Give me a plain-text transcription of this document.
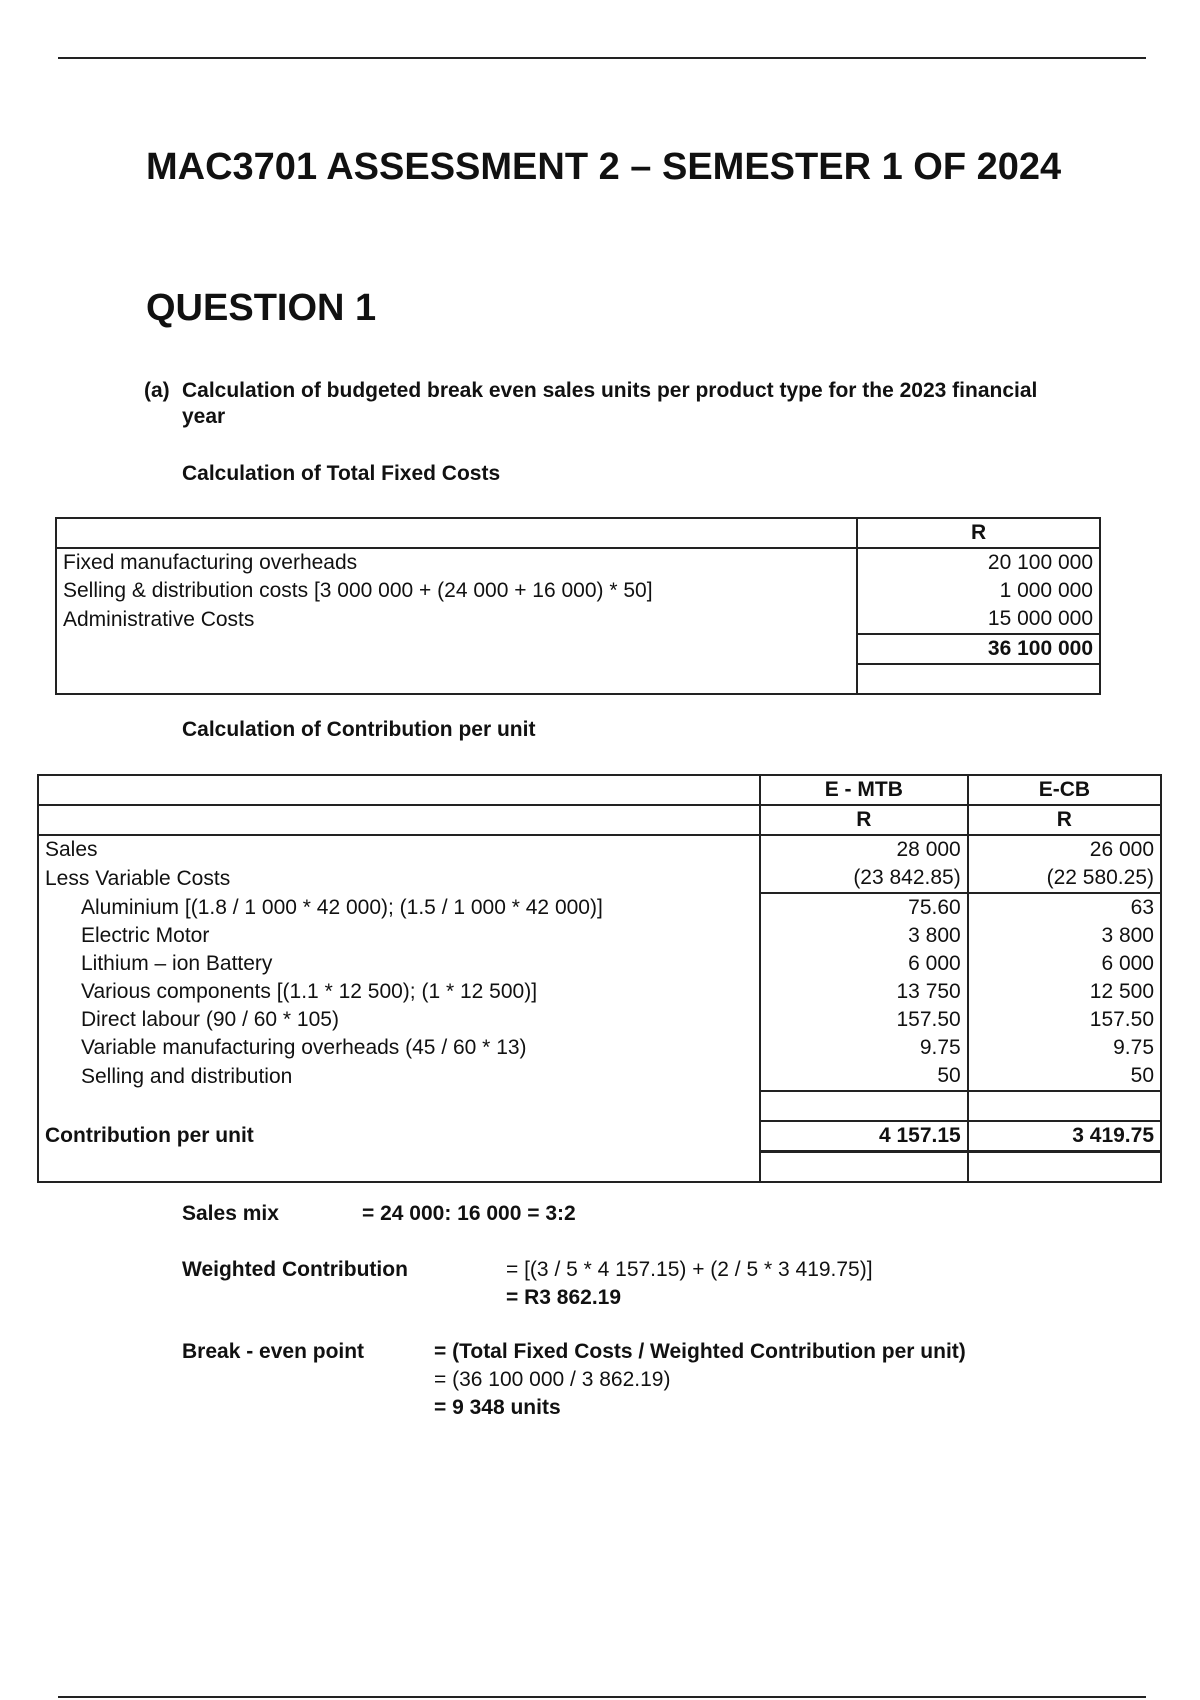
MAC3701 ASSESSMENT 2 – SEMESTER 1 OF 2024
QUESTION 1
(a) Calculation of budgeted break even sales units per product type for the 2023 financial year
Calculation of Total Fixed Costs
	R
Fixed manufacturing overheads	20 100 000
Selling & distribution costs [3 000 000 + (24 000 + 16 000) * 50]	1 000 000
Administrative Costs	15 000 000
	36 100 000

Calculation of Contribution per unit
	E - MTB	E-CB
	R	R
Sales	28 000	26 000
Less Variable Costs	(23 842.85)	(22 580.25)
Aluminium [(1.8 / 1 000 * 42 000); (1.5 / 1 000 * 42 000)]	75.60	63
Electric Motor	3 800	3 800
Lithium – ion Battery	6 000	6 000
Various components [(1.1 * 12 500); (1 * 12 500)]	13 750	12 500
Direct labour (90 / 60 * 105)	157.50	157.50
Variable manufacturing overheads (45 / 60 * 13)	9.75	9.75
Selling and distribution	50	50

Contribution per unit	4 157.15	3 419.75

Sales mix	= 24 000: 16 000 = 3:2
Weighted Contribution	= [(3 / 5 * 4 157.15) + (2 / 5 * 3 419.75)]
= R3 862.19
Break - even point	= (Total Fixed Costs / Weighted Contribution per unit)
= (36 100 000 / 3 862.19)
= 9 348 units
